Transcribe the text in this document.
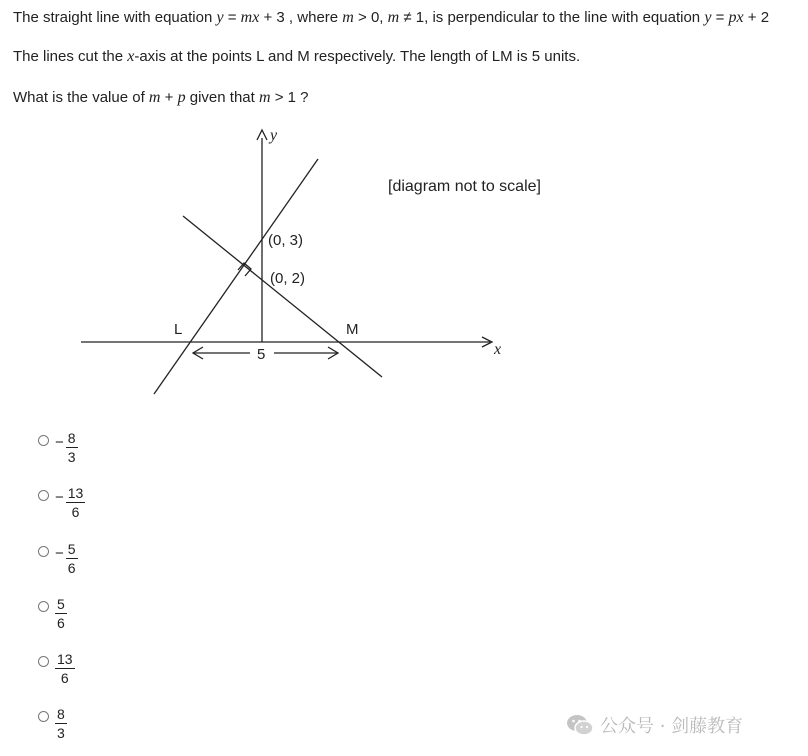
The straight line with equation y = mx + 3 , where m > 0, m ≠ 1, is perpendicular to the line with equation y = px + 2
The lines cut the x-axis at the points L and M respectively. The length of LM is 5 units.
What is the value of m + p given that m > 1 ?
y
x
[diagram not to scale]
(0, 3)
(0, 2)
L	M
5
− $\frac{8}{3}$
− $\frac{13}{6}$
− $\frac{5}{6}$
$\frac{5}{6}$
$\frac{13}{6}$
$\frac{8}{3}$	公众号 · 剑藤教育
